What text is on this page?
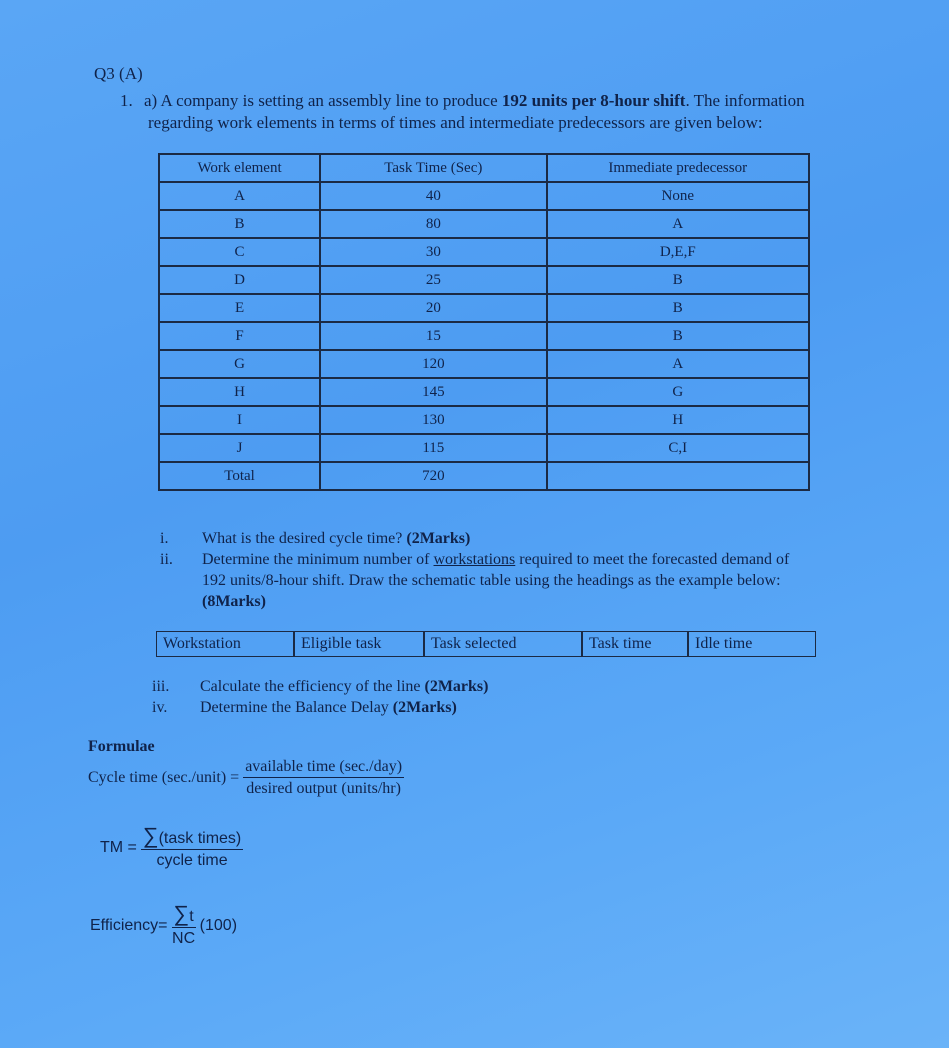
Q3 (A)
1. a) A company is setting an assembly line to produce 192 units per 8-hour shift. The information
regarding work elements in terms of times and intermediate predecessors are given below:
Work element	Task Time (Sec)	Immediate predecessor
A	40	None
B	80	A
C	30	D,E,F
D	25	B
E	20	B
F	15	B
G	120	A
H	145	G
I	130	H
J	115	C,I
Total	720	
i.	What is the desired cycle time? (2Marks)
ii.	Determine the minimum number of workstations required to meet the forecasted demand of
192 units/8-hour shift. Draw the schematic table using the headings as the example below:
(8Marks)
Workstation	Eligible task	Task selected	Task time	Idle time
iii.	Calculate the efficiency of the line (2Marks)
iv.	Determine the Balance Delay (2Marks)
Formulae
Cycle time (sec./unit) = $\frac{\text{available time (sec./day)}}{\text{desired output (units/hr)}}$
TM = $\frac{\text{∑(task times)}}{\text{cycle time}}$
Efficiency= $\frac{\sum t}{NC} (100)$
